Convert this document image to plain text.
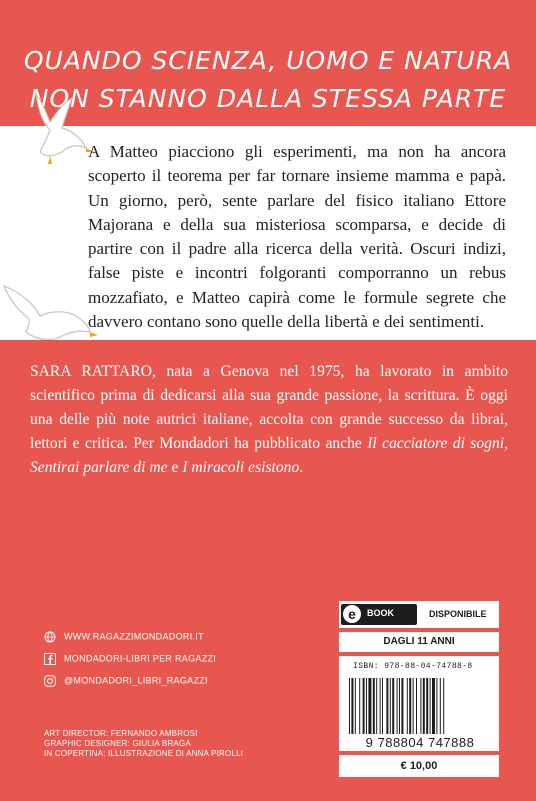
QUANDO SCIENZA, UOMO E NATURA
NON STANNO DALLA STESSA PARTE

A Matteo piacciono gli esperimenti, ma non ha ancora scoperto il teorema per far tornare insieme mamma e papà. Un giorno, però, sente parlare del fisico italiano Ettore Majorana e della sua misteriosa scomparsa, e decide di partire con il padre alla ricerca della verità. Oscuri indizi, false piste e incontri folgoranti comporranno un rebus mozzafiato, e Matteo capirà come le formule segrete che davvero contano sono quelle della libertà e dei sentimenti.

SARA RATTARO, nata a Genova nel 1975, ha lavorato in ambito scientifico prima di dedicarsi alla sua grande passione, la scrittura. È oggi una delle più note autrici italiane, accolta con grande successo da librai, lettori e critica. Per Mondadori ha pubblicato anche Il cacciatore di sogni, Sentirai parlare di me e I miracoli esistono.

WWW.RAGAZZIMONDADORI.IT
MONDADORI-LIBRI PER RAGAZZI
@MONDADORI_LIBRI_RAGAZZI
ART DIRECTOR: FERNANDO AMBROSI
GRAPHIC DESIGNER: GIULIA BRAGA
IN COPERTINA: ILLUSTRAZIONE DI ANNA PIROLLI
e	BOOK	DISPONIBILE
DAGLI 11 ANNI
ISBN: 978-88-04-74788-8
9 788804 747888
€ 10,00
